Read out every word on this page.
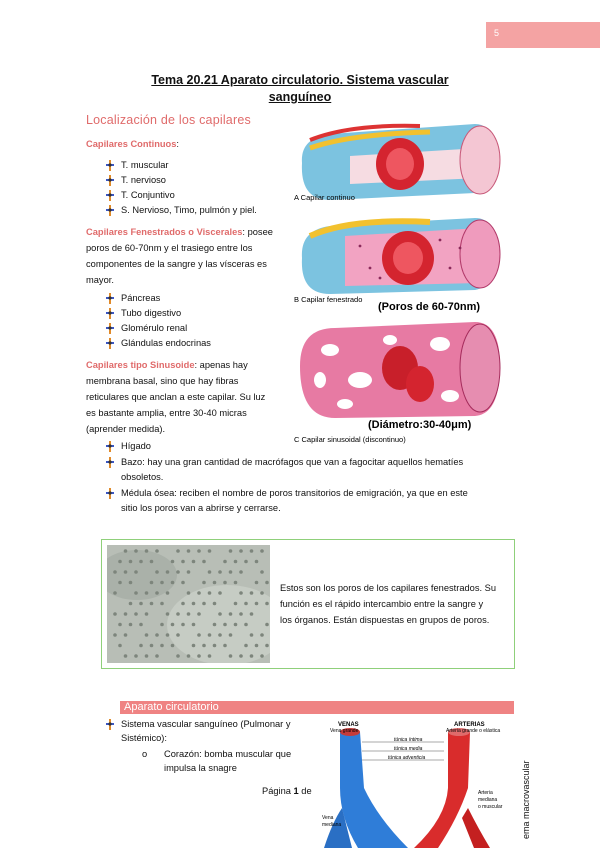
5
Tema 20.21 Aparato circulatorio. Sistema vascular
sanguíneo
Localización de los capilares
Capilares Continuos:
T. muscular
T. nervioso
T. Conjuntivo
S. Nervioso, Timo, pulmón y piel.
Capilares Fenestrados o Viscerales: posee
poros de 60-70nm y el trasiego entre los
componentes de la sangre y las vísceras es
mayor.
Páncreas
Tubo digestivo
Glomérulo renal
Glándulas endocrinas
Capilares tipo Sinusoide: apenas hay
membrana basal, sino que hay fibras
reticulares que anclan a este capilar. Su luz
es bastante amplia, entre 30-40 micras
(aprender medida).
Hígado
Bazo: hay una gran cantidad de macrófagos que van a fagocitar aquellos hematíes
obsoletos.
Médula ósea: reciben el nombre de poros transitorios de emigración, ya que en este
sitio los poros van a abrirse y cerrarse.
A Capilar continuo
B Capilar fenestrado
(Poros de 60-70nm)
(Diámetro:30-40μm)
C Capilar sinusoidal (discontinuo)
Estos son los poros de los capilares fenestrados. Su
función es el rápido intercambio entre la sangre y
los órganos. Están dispuestas en grupos de poros.
Aparato circulatorio
Sistema vascular sanguíneo (Pulmonar y
Sistémico):
o Corazón: bomba muscular que
impulsa la snagre
Página 1 de
VENAS
Vena grande
ARTERIAS
Arteria grande o elástica
túnica íntima
túnica media
túnica adventicia
Vena
mediana
Arteria
mediana
o muscular ema macrovascular
